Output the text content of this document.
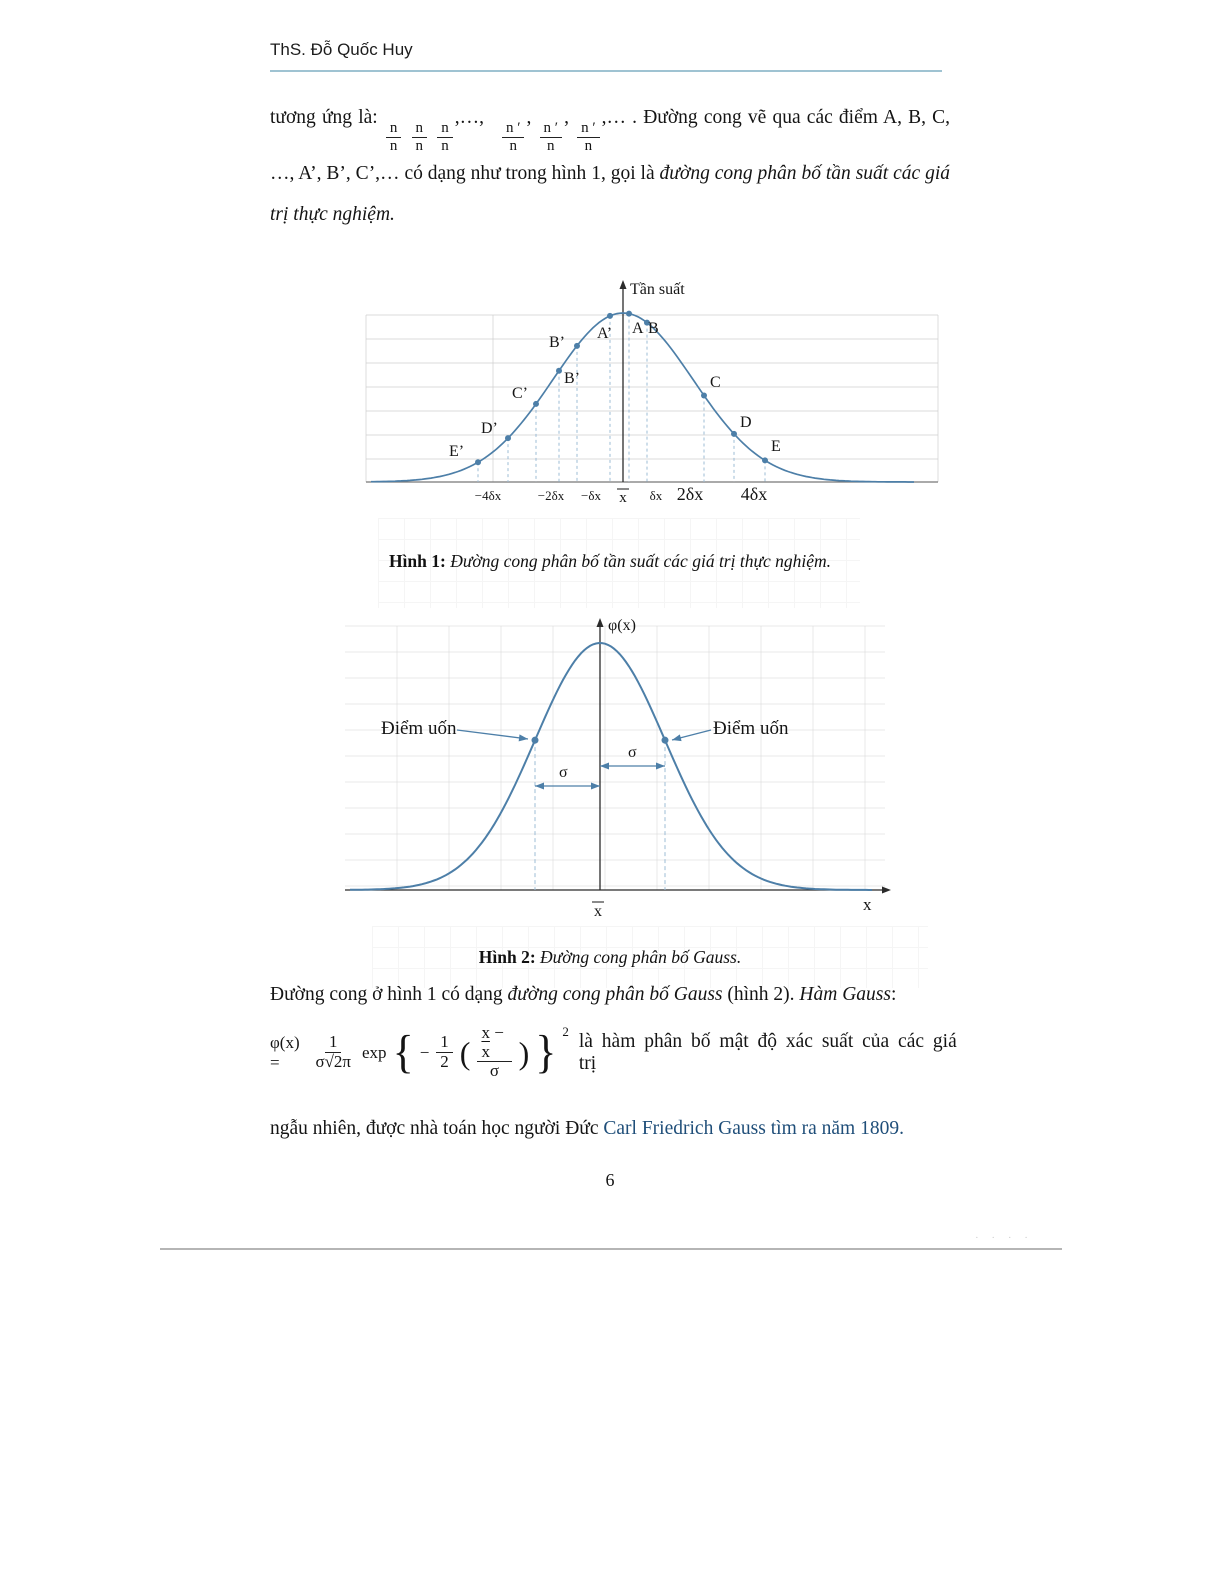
ThS. Đỗ Quốc Huy
tương ứng là:
$\frac{n}{n}$
$\frac{n}{n}$
$\frac{n}{n}$
,…,
$\frac{n '}{n}$
,
$\frac{n '}{n}$
,
$\frac{n '}{n}$
,… . Đường cong vẽ qua các điểm A, B, C, …, A’, B’, C’,… có dạng như trong hình 1, gọi là đường cong phân bố tần suất các giá trị thực nghiệm.
Tần suất
E’
D’
C’
B’
B’
A’ A B
C
D
E
−4δx	−2δx −δx x δx 2δx 4δx
Hình 1: Đường cong phân bố tần suất các giá trị thực nghiệm.
φ(x)
x
x
σ
σ
Điểm uốn	Điểm uốn
Hình 2: Đường cong phân bố Gauss.
Đường cong ở hình 1 có dạng đường cong phân bố Gauss (hình 2). Hàm Gauss:
φ(x) =	$\frac{1}{\sigma√2\pi}$ exp { − $\frac{1}{2}$ ( $\frac{x - \overline{x}}{\sigma}$ ) } 2 là hàm phân bố mật độ xác suất của các giá trị
ngẫu nhiên, được nhà toán học người Đức Carl Friedrich Gauss tìm ra năm 1809.
6
· · · ·
